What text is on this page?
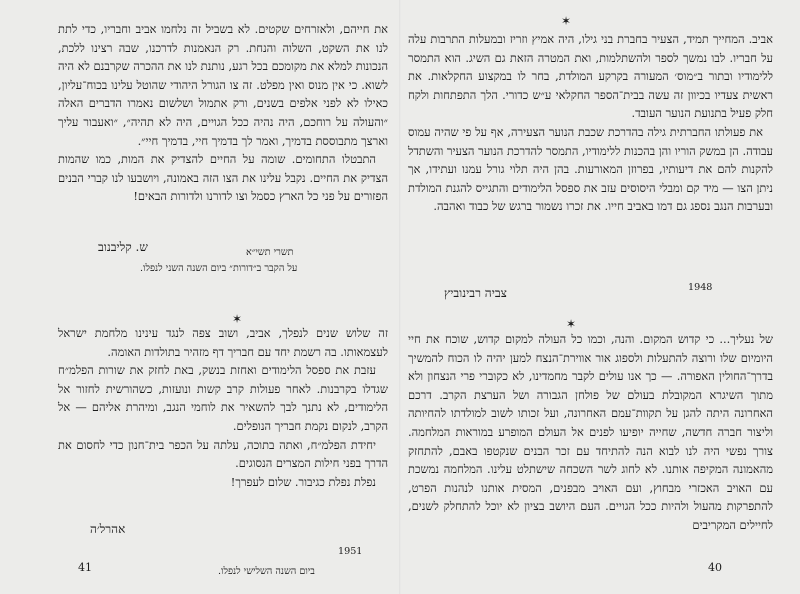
✶

אביב. המחייך תמיד, הצעיר בחברת בני גילו, היה אמיץ וזריז ובמעלות התרבות עלה על חבריו. לבו נמשך לספר ולהשתלמות, ואת המטרה הזאת גם השיג. הוא התמסר ללימודיו ובתור ב״מוס׳ המעורה בקרקע המולדת, בחר לו במקצוע החקלאות. את ראשית צעדיו בכיוון זה עשה בבית־הספר החקלאי ע״ש כדורי. הלך התפתחות ולקח חלק פעיל בתנועת הנוער העובד.

את פעולתו החברתית גילה בהדרכת שכבת הנוער הצעירה, אף על פי שהיה עמוס עבודה. הן במשק הוריו והן בהכנות ללימודיו, התמסר להדרכת הנוער הצעיר והשתדל להקנות להם את דיעותיו, בפרוזן המאורעות. בהן היה תלוי גורל עמנו ועתידו, אך ניתן הצו — מיד קם ומבלי היסוסים עזב את ספסל הלימודים והתגייס להגנת המולדת ובערבות הנגב נספג גם דמו באביב חייו. את זכרו נשמור ברגש של כבוד ואהבה.

צביה רבינוביץ	1948

את חייהם, ולאזרחים שקטים. לא בשביל זה נלחמו אביב וחבריו, כדי לתת לנו את השקט, השלוה והנחת. רק הנאמנות לדרכנו, שבה רצינו ללכת, הנכונות למלא את מקומכם בכל רגע, נותנת לנו את ההכרה שקרבנם לא היה לשוא. כי אין מנוס ואין מפלט. זה צו הגורל היהודי שהוטל עלינו בכוח־עליון, כאילו לא לפני אלפים בשנים, ורק אתמול ושלשום נאמרו הדברים האלה ״והעולה על רוחכם, היה נהיה ככל הגויים, היה לא תהיה״, ״ואעבור עליך וארצך מתבוססת בדמיך, ואמר לך בדמיך חיי, בדמיך חיי״.

התבטלו התחומים. שומה על החיים להצדיק את המות, כמו שהמות הצדיק את החיים. נקבל עלינו את הצו הזה באמונה, ויושבעו לנו קברי הבנים הפזורים על פני כל הארץ כסמל וצו לדורנו ולדורות הבאים!

ש. קליבנוב	תשרי תשי״א
על הקבר ב״דורות״ ביום השנה השני לנפלו.
✶

של נעליך... כי קדוש המקום. והנה, וכמו כל העולה למקום קדוש, שוכח את חיי היומיום שלו ורוצה להתעלות ולספוג אור אווירת־הנצח למען יהיה לו הכוח להמשיך בדרך־החולין האפורה. — כך אנו עולים לקבר מחמדינו, לא כקוברי פרי הנצחון ולא מתוך השיגרא המקובלת בעולם של פולחן הגבורה ושל הערצת הקרב. דרכם האחרונה היתה להגן על תקוות־עמם האחרונה, ועל זכותו לשוב למולדתו להחיותה וליצור חברה חדשה, שחייה יופיעו לפנים אל העולם המופרע במוראות המלחמה. צורך נפשי היה לנו לבוא הנה להתיחד עם זכר הבנים שנקטפו באבם, להתחזק מהאמונה המקיפה אותנו. לא לחוג לשר השכחה שישתלט עלינו. המלחמה נמשכת עם האויב האכזרי מבחוץ, ועם האויב מבפנים, המסית אותנו לנהנות הפרט, להתפרקות מהעול ולהיות ככל הגויים. העם היושב בציון לא יוכל להתחלק לשנים, לחיילים המקריבים

✶

זה שלוש שנים לנפלך, אביב, ושוב צפה לנגד עינינו מלחמת ישראל לעצמאותו. בה רשמת יחד עם חבריך דף מזהיר בתולדות האומה.

עזבת את ספסל הלימודים ואחזת בנשק, באת לחזק את שורות הפלמ״ח שגדלו בקרבנות. לאחר פעולות קרב קשות ונועזות, כשהורשית לחזור אל הלימודים, לא נתנך לבך להשאיר את לוחמי הנגב, ומיהרת אליהם — אל הקרב, לנקום נקמת חבריך הנופלים.

יחידת הפלמ״ח, ואתה בתוכה, עלתה על הכפר בית־חנון כדי לחסום את הדרך בפני חילות המצרים הנסוגים.

נפלת נפלת כגיבור. שלום לעפרך!

אהרל׳ה
1951
ביום השנה השלישי לנפלו.
41	40
